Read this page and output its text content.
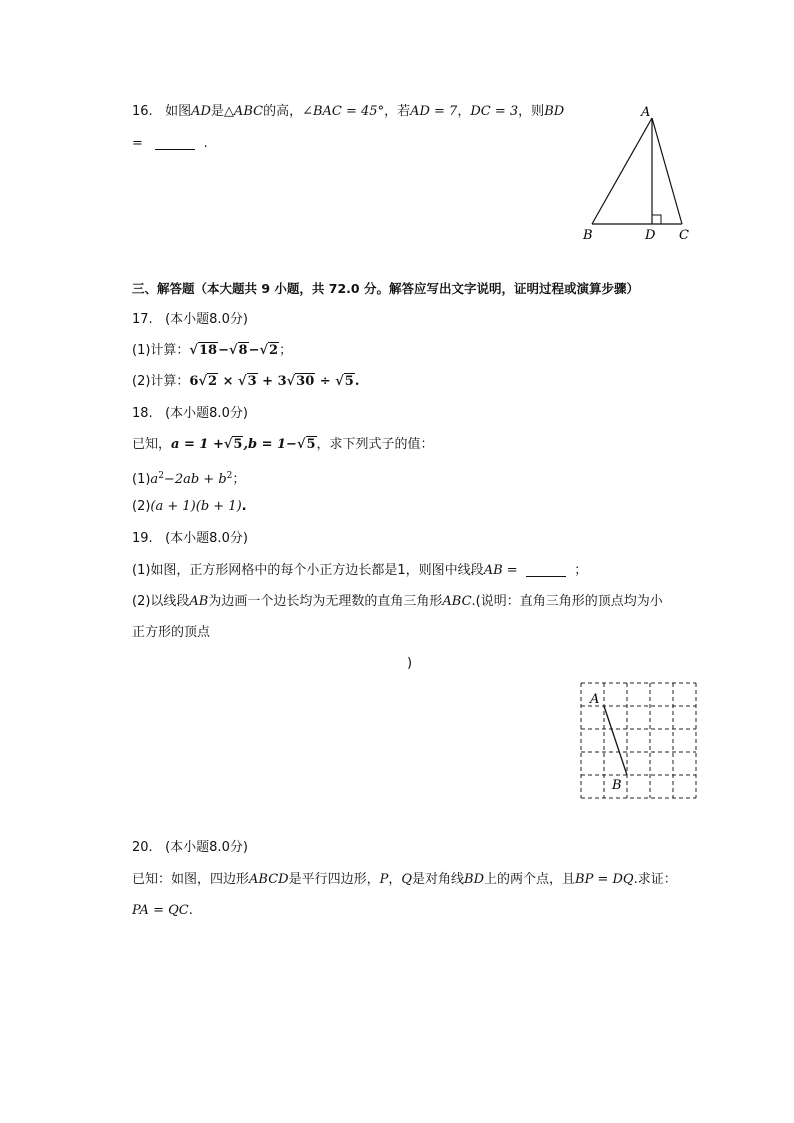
16. 如图AD是△ABC的高，∠BAC = 45°，若AD = 7，DC = 3，则BD
=	.
A
B	D C
三、解答题（本大题共 9 小题，共 72.0 分。解答应写出文字说明，证明过程或演算步骤）
17. (本小题8.0分)
(1)计算：√18−√8−√2；
(2)计算：6√2 × √3 + 3√30 ÷ √5.
18. (本小题8.0分)
已知，a = 1 +√5,b = 1−√5，求下列式子的值：
$(1)a^2-2ab + b^2$；
(2)(a + 1)(b + 1).
19. (本小题8.0分)
(1)如图，正方形网格中的每个小正方边长都是1，则图中线段AB =	；
(2)以线段AB为边画一个边长均为无理数的直角三角形ABC.(说明：直角三角形的顶点均为小
正方形的顶点
)
A
B
20. (本小题8.0分)
已知：如图，四边形ABCD是平行四边形，P，Q是对角线BD上的两个点，且BP = DQ.求证：
PA = QC.
